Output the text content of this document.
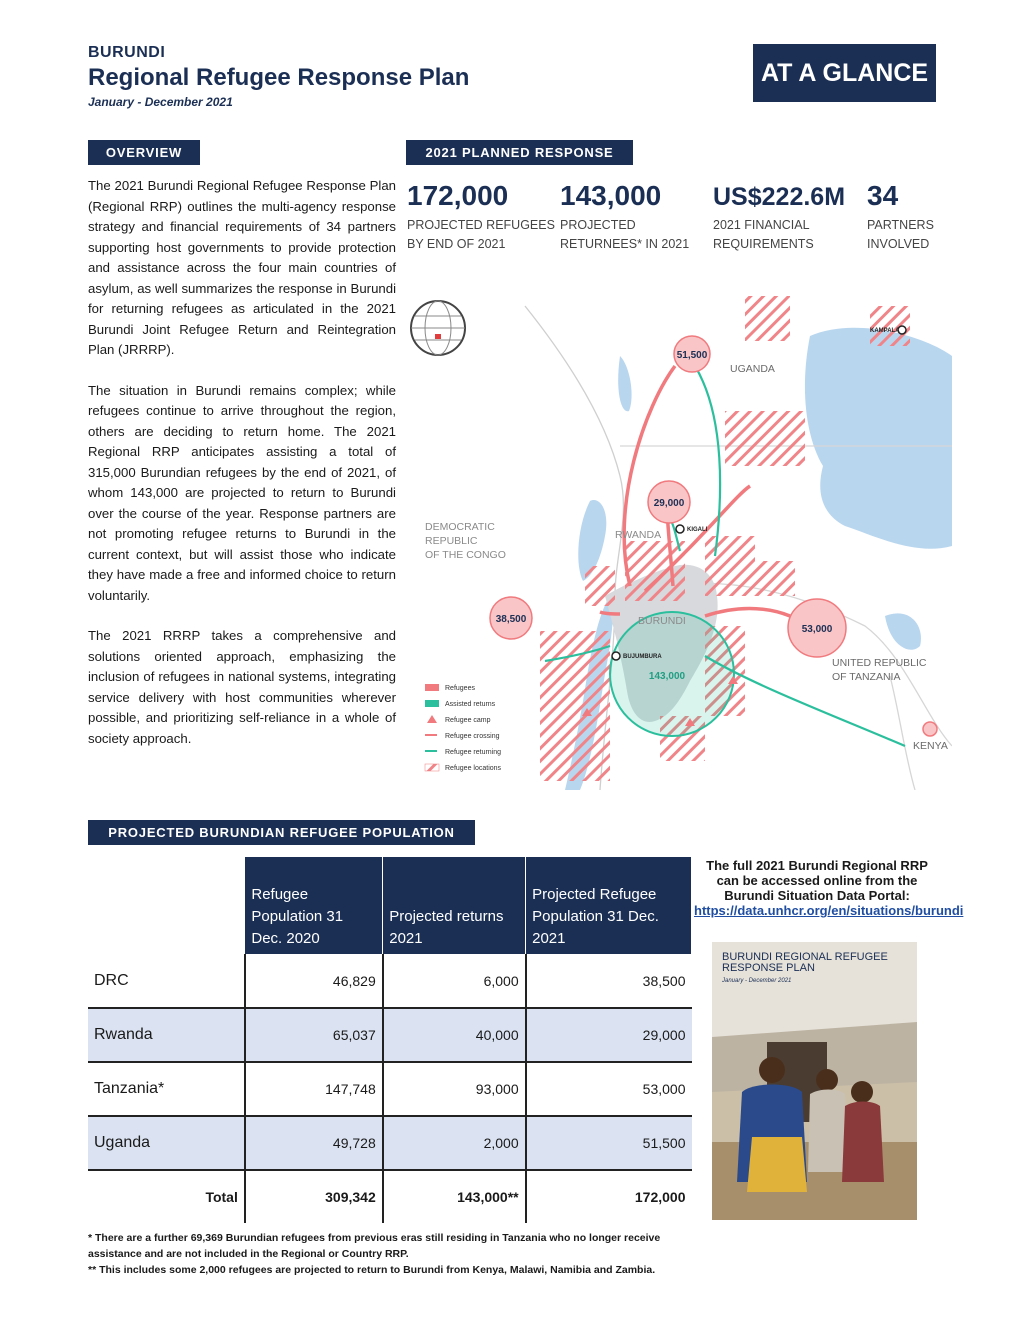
BURUNDI
Regional Refugee Response Plan
January - December 2021
AT A GLANCE
OVERVIEW	2021 PLANNED RESPONSE

The 2021 Burundi Regional Refugee Response Plan (Regional RRP) outlines the multi-agency response strategy and financial requirements of 34 partners supporting host governments to provide protection and assistance across the four main countries of asylum, as well summarizes the response in Burundi for returning refugees as articulated in the 2021 Burundi Joint Refugee Return and Reintegration Plan (JRRRP).

The situation in Burundi remains complex; while refugees continue to arrive throughout the region, others are deciding to return home. The 2021 Regional RRP anticipates assisting a total of 315,000 Burundian refugees by the end of 2021, of whom 143,000 are projected to return to Burundi over the course of the year. Response partners are not promoting refugee returns to Burundi in the current context, but will assist those who indicate they have made a free and informed choice to return voluntarily.

The 2021 RRRP takes a comprehensive and solutions oriented approach, emphasizing the inclusion of refugees in national systems, integrating service delivery with host communities wherever possible, and prioritizing self-reliance in a whole of society approach.

172,000
PROJECTED REFUGEES BY END OF 2021
143,000
PROJECTED RETURNEES* IN 2021
US$222.6M
2021 FINANCIAL REQUIREMENTS
34
PARTNERS INVOLVED
51,500
29,000
38,500
53,000
143,000
UGANDA
DEMOCRATIC REPUBLIC OF THE CONGO
RWANDA
BURUNDI
UNITED REPUBLIC OF TANZANIA
KENYA
KAMPALA
KIGALI
BUJUMBURA
Refugees
Assisted returns
Refugee camp
Refugee crossing
Refugee returning
Refugee locations
PROJECTED BURUNDIAN REFUGEE POPULATION
	Refugee Population 31 Dec. 2020	Projected returns 2021	Projected Refugee Population 31 Dec. 2021
DRC	46,829	6,000	38,500
Rwanda	65,037	40,000	29,000
Tanzania*	147,748	93,000	53,000
Uganda	49,728	2,000	51,500
Total	309,342	143,000**	172,000
The full 2021 Burundi Regional RRP can be accessed online from the Burundi Situation Data Portal:
https://data.unhcr.org/en/situations/burundi
BURUNDI REGIONAL REFUGEE RESPONSE PLAN
January - December 2021
* There are a further 69,369 Burundian refugees from previous eras still residing in Tanzania who no longer receive assistance and are not included in the Regional or Country RRP.
** This includes some 2,000 refugees are projected to return to Burundi from Kenya, Malawi, Namibia and Zambia.
